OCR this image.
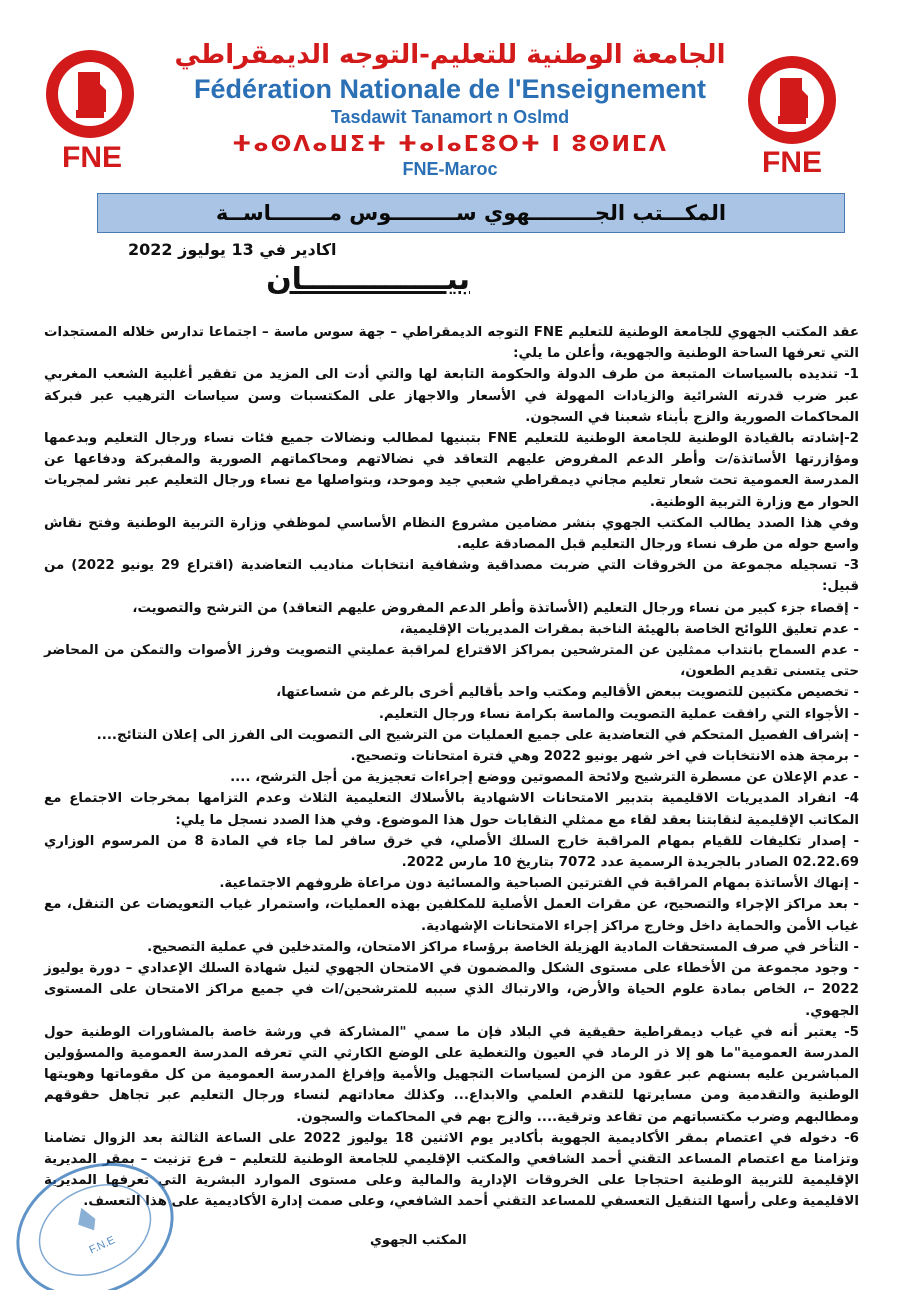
FNE	FNE
الجامعة الوطنية للتعليم-التوجه الديمقراطي
Fédération Nationale de l'Enseignement
Tasdawit Tanamort n Oslmd
ⵜⴰⵙⴷⴰⵡⵉⵜ ⵜⴰⵏⴰⵎⵓⵔⵜ ⵏ ⵓⵙⵍⵎⴷ
FNE-Maroc
المكـــتب الجـــــــــهوي ســـــــــوس مــــــــاســة
اكادير في 13 يوليوز 2022
بيــــــــــــــان

عقد المكتب الجهوي للجامعة الوطنية للتعليم FNE التوجه الديمقراطي – جهة سوس ماسة – اجتماعا تدارس خلاله المستجدات التي تعرفها الساحة الوطنية والجهوية، وأعلن ما يلي:

1- تنديده بالسياسات المتبعة من طرف الدولة والحكومة التابعة لها والتي أدت الى المزيد من تفقير أغلبية الشعب المغربي عبر ضرب قدرته الشرائية والزيادات المهولة في الأسعار والاجهاز على المكتسبات وسن سياسات الترهيب عبر فبركة المحاكمات الصورية والزج بأبناء شعبنا في السجون.

2-إشادته بالقيادة الوطنية للجامعة الوطنية للتعليم FNE بتبنيها لمطالب ونضالات جميع فئات نساء ورجال التعليم وبدعمها ومؤازرتها الأساتذة/ت وأطر الدعم المفروض عليهم التعاقد في نضالاتهم ومحاكماتهم الصورية والمفبركة ودفاعها عن المدرسة العمومية تحت شعار تعليم مجاني ديمقراطي شعبي جيد وموحد، وبتواصلها مع نساء ورجال التعليم عبر نشر لمجريات الحوار مع وزارة التربية الوطنية.

وفي هذا الصدد يطالب المكتب الجهوي بنشر مضامين مشروع النظام الأساسي لموظفي وزارة التربية الوطنية وفتح نقاش واسع حوله من طرف نساء ورجال التعليم قبل المصادقة عليه.

3- تسجيله مجموعة من الخروقات التي ضربت مصداقية وشفافية انتخابات مناديب التعاضدية (اقتراع 29 يونيو 2022) من قبيل:

- إقصاء جزء كبير من نساء ورجال التعليم (الأساتذة وأطر الدعم المفروض عليهم التعاقد) من الترشح والتصويت،

- عدم تعليق اللوائح الخاصة بالهيئة الناخبة بمقرات المديريات الإقليمية،

- عدم السماح بانتداب ممثلين عن المترشحين بمراكز الاقتراع لمراقبة عمليتي التصويت وفرز الأصوات والتمكن من المحاضر حتى يتسنى تقديم الطعون،

- تخصيص مكتبين للتصويت ببعض الأقاليم ومكتب واحد بأقاليم أخرى بالرغم من شساعتها،

- الأجواء التي رافقت عملية التصويت والماسة بكرامة نساء ورجال التعليم.

- إشراف الفصيل المتحكم في التعاضدية على جميع العمليات من الترشيح الى التصويت الى الفرز الى إعلان النتائج....

- برمجة هذه الانتخابات في اخر شهر يونيو 2022 وهي فترة امتحانات وتصحيح.

- عدم الإعلان عن مسطرة الترشيح ولائحة المصوتين ووضع إجراءات تعجيزية من أجل الترشح، ....

4- انفراد المديريات الاقليمية بتدبير الامتحانات الاشهادية بالأسلاك التعليمية الثلاث وعدم التزامها بمخرجات الاجتماع مع المكاتب الإقليمية لنقابتنا بعقد لقاء مع ممثلي النقابات حول هذا الموضوع. وفي هذا الصدد نسجل ما يلي:

- إصدار تكليفات للقيام بمهام المراقبة خارج السلك الأصلي، في خرق سافر لما جاء في المادة 8 من المرسوم الوزاري 02.22.69 الصادر بالجريدة الرسمية عدد 7072 بتاريخ 10 مارس 2022.

- إنهاك الأساتذة بمهام المراقبة في الفترتين الصباحية والمسائية دون مراعاة ظروفهم الاجتماعية.

- بعد مراكز الإجراء والتصحيح، عن مقرات العمل الأصلية للمكلفين بهذه العمليات، واستمرار غياب التعويضات عن التنقل، مع غياب الأمن والحماية داخل وخارج مراكز إجراء الامتحانات الإشهادية.

- التأخر في صرف المستحقات المادية الهزيلة الخاصة برؤساء مراكز الامتحان، والمتدخلين في عملية التصحيح.

- وجود مجموعة من الأخطاء على مستوى الشكل والمضمون في الامتحان الجهوي لنيل شهادة السلك الإعدادي – دورة يوليوز 2022 –، الخاص بمادة علوم الحياة والأرض، والارتباك الذي سببه للمترشحين/ات في جميع مراكز الامتحان على المستوى الجهوي.

5- يعتبر أنه في غياب ديمقراطية حقيقية في البلاد فإن ما سمي "المشاركة في ورشة خاصة بالمشاورات الوطنية حول المدرسة العمومية"ما هو إلا ذر الرماد في العيون والتغطية على الوضع الكارثي التي تعرفه المدرسة العمومية والمسؤولين المباشرين عليه بسنهم عبر عقود من الزمن لسياسات التجهيل والأمية وإفراغ المدرسة العمومية من كل مقوماتها وهويتها الوطنية والتقدمية ومن مسايرتها للتقدم العلمي والابداع... وكذلك معاداتهم لنساء ورجال التعليم عبر تجاهل حقوقهم ومطالبهم وضرب مكتسباتهم من تقاعد وترقية.... والزج بهم في المحاكمات والسجون.

6- دخوله في اعتصام بمقر الأكاديمية الجهوية بأكادير يوم الاثنين 18 يوليوز 2022 على الساعة الثالثة بعد الزوال تضامنا وتزامنا مع اعتصام المساعد التقني أحمد الشافعي والمكتب الإقليمي للجامعة الوطنية للتعليم – فرع تزنيت – بمقر المديرية الإقليمية للتربية الوطنية احتجاجا على الخروقات الإدارية والمالية وعلى مستوى الموارد البشرية التي تعرفها المديرية الاقليمية وعلى رأسها التنقيل التعسفي للمساعد التقني أحمد الشافعي، وعلى صمت إدارة الأكاديمية على هذا التعسف.

F.N.E	المكتب الجهوي
